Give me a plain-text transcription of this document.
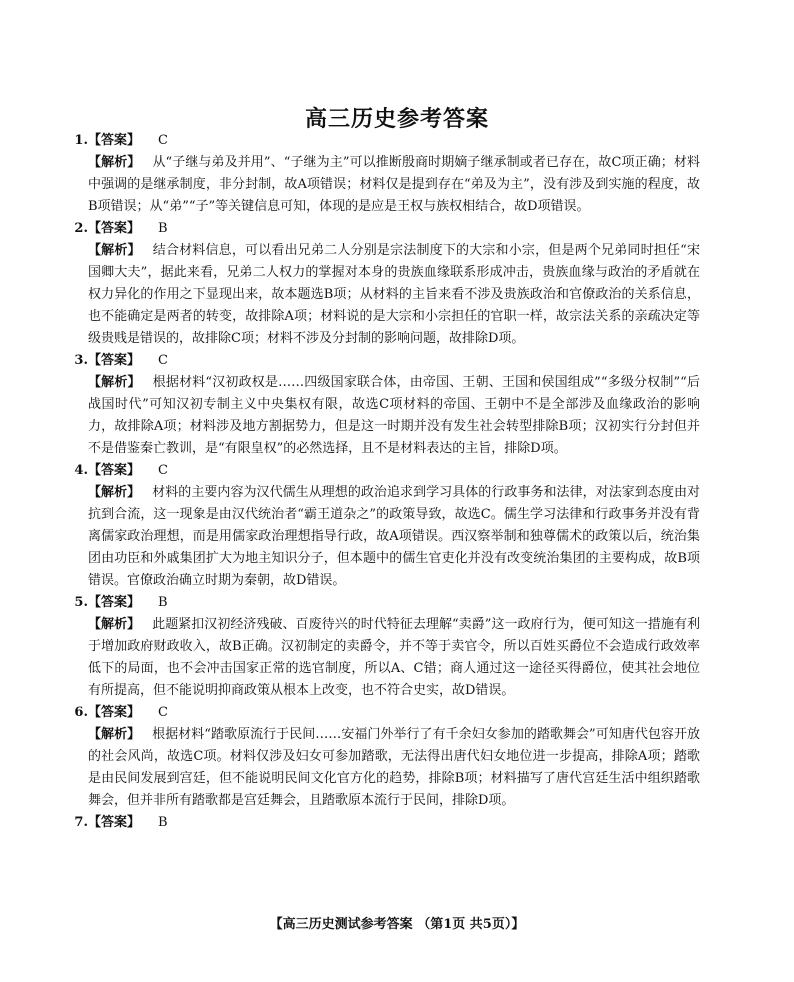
高三历史参考答案
1.【答案】 C
【解析】 从“子继与弟及并用”、“子继为主”可以推断殷商时期嫡子继承制或者已存在，故C项正确；材料中强调的是继承制度，非分封制，故A项错误；材料仅是提到存在“弟及为主”，没有涉及到实施的程度，故B项错误；从“弟”“子”等关键信息可知，体现的是应是王权与族权相结合，故D项错误。
2.【答案】 B
【解析】 结合材料信息，可以看出兄弟二人分别是宗法制度下的大宗和小宗，但是两个兄弟同时担任“宋国卿大夫”，据此来看，兄弟二人权力的掌握对本身的贵族血缘联系形成冲击，贵族血缘与政治的矛盾就在权力异化的作用之下显现出来，故本题选B项；从材料的主旨来看不涉及贵族政治和官僚政治的关系信息，也不能确定是两者的转变，故排除A项；材料说的是大宗和小宗担任的官职一样，故宗法关系的亲疏决定等级贵贱是错误的，故排除C项；材料不涉及分封制的影响问题，故排除D项。
3.【答案】 C
【解析】 根据材料“汉初政权是……四级国家联合体，由帝国、王朝、王国和侯国组成”“多级分权制”“后战国时代”可知汉初专制主义中央集权有限，故选C项材料的帝国、王朝中不是全部涉及血缘政治的影响力，故排除A项；材料涉及地方割据势力，但是这一时期并没有发生社会转型排除B项；汉初实行分封但并不是借鉴秦亡教训，是“有限皇权”的必然选择，且不是材料表达的主旨，排除D项。
4.【答案】 C
【解析】 材料的主要内容为汉代儒生从理想的政治追求到学习具体的行政事务和法律，对法家到态度由对抗到合流，这一现象是由汉代统治者“霸王道杂之”的政策导致，故选C。儒生学习法律和行政事务并没有背离儒家政治理想，而是用儒家政治理想指导行政，故A项错误。西汉察举制和独尊儒术的政策以后，统治集团由功臣和外戚集团扩大为地主知识分子，但本题中的儒生官吏化并没有改变统治集团的主要构成，故B项错误。官僚政治确立时期为秦朝，故D错误。
5.【答案】 B
【解析】 此题紧扣汉初经济残破、百废待兴的时代特征去理解“卖爵”这一政府行为，便可知这一措施有利于增加政府财政收入，故B正确。汉初制定的卖爵令，并不等于卖官令，所以百姓买爵位不会造成行政效率低下的局面，也不会冲击国家正常的选官制度，所以A、C错；商人通过这一途径买得爵位，使其社会地位有所提高，但不能说明抑商政策从根本上改变，也不符合史实，故D错误。
6.【答案】 C
【解析】 根据材料“踏歌原流行于民间……安福门外举行了有千余妇女参加的踏歌舞会”可知唐代包容开放的社会风尚，故选C项。材料仅涉及妇女可参加踏歌，无法得出唐代妇女地位进一步提高，排除A项；踏歌是由民间发展到宫廷，但不能说明民间文化官方化的趋势，排除B项；材料描写了唐代宫廷生活中组织踏歌舞会，但并非所有踏歌都是宫廷舞会，且踏歌原本流行于民间，排除D项。
7.【答案】 B
【高三历史测试参考答案 （第1页 共5页）】
